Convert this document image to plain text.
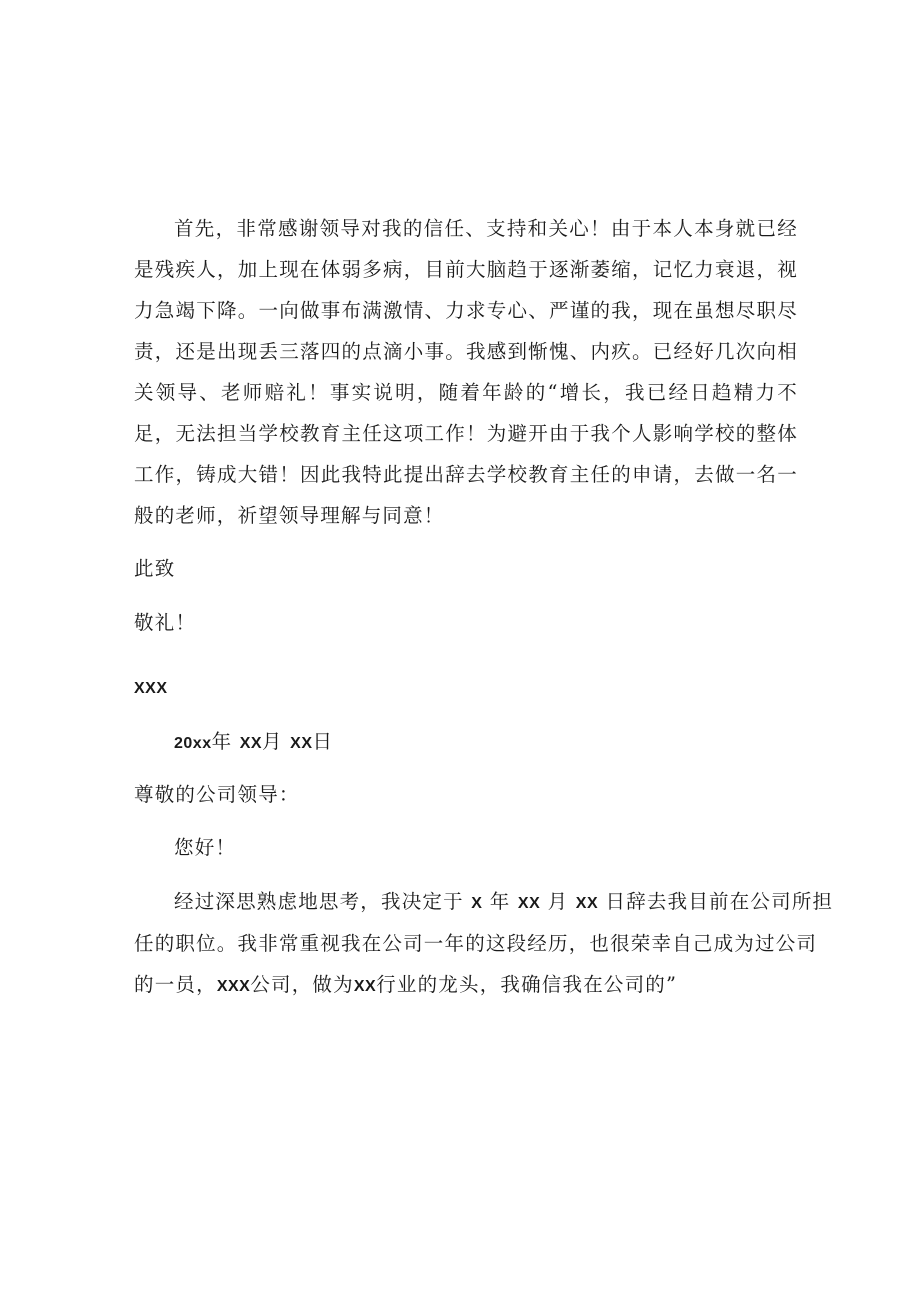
首先，非常感谢领导对我的信任、支持和关心！由于本人本身就已经是残疾人，加上现在体弱多病，目前大脑趋于逐渐萎缩，记忆力衰退，视力急竭下降。一向做事布满激情、力求专心、严谨的我，现在虽想尽职尽责，还是出现丢三落四的点滴小事。我感到惭愧、内疚。已经好几次向相关领导、老师赔礼！事实说明，随着年龄的“增长，我已经日趋精力不足，无法担当学校教育主任这项工作！为避开由于我个人影响学校的整体工作，铸成大错！因此我特此提出辞去学校教育主任的申请，去做一名一般的老师，祈望领导理解与同意！

此致

敬礼！

XXX

20xx年 XX月 XX日

尊敬的公司领导：

您好！

经过深思熟虑地思考，我决定于 X 年 XX 月 XX 日辞去我目前在公司所担

任的职位。我非常重视我在公司一年的这段经历，也很荣幸自己成为过公司

的一员，XXX公司，做为XX行业的龙头，我确信我在公司的”
